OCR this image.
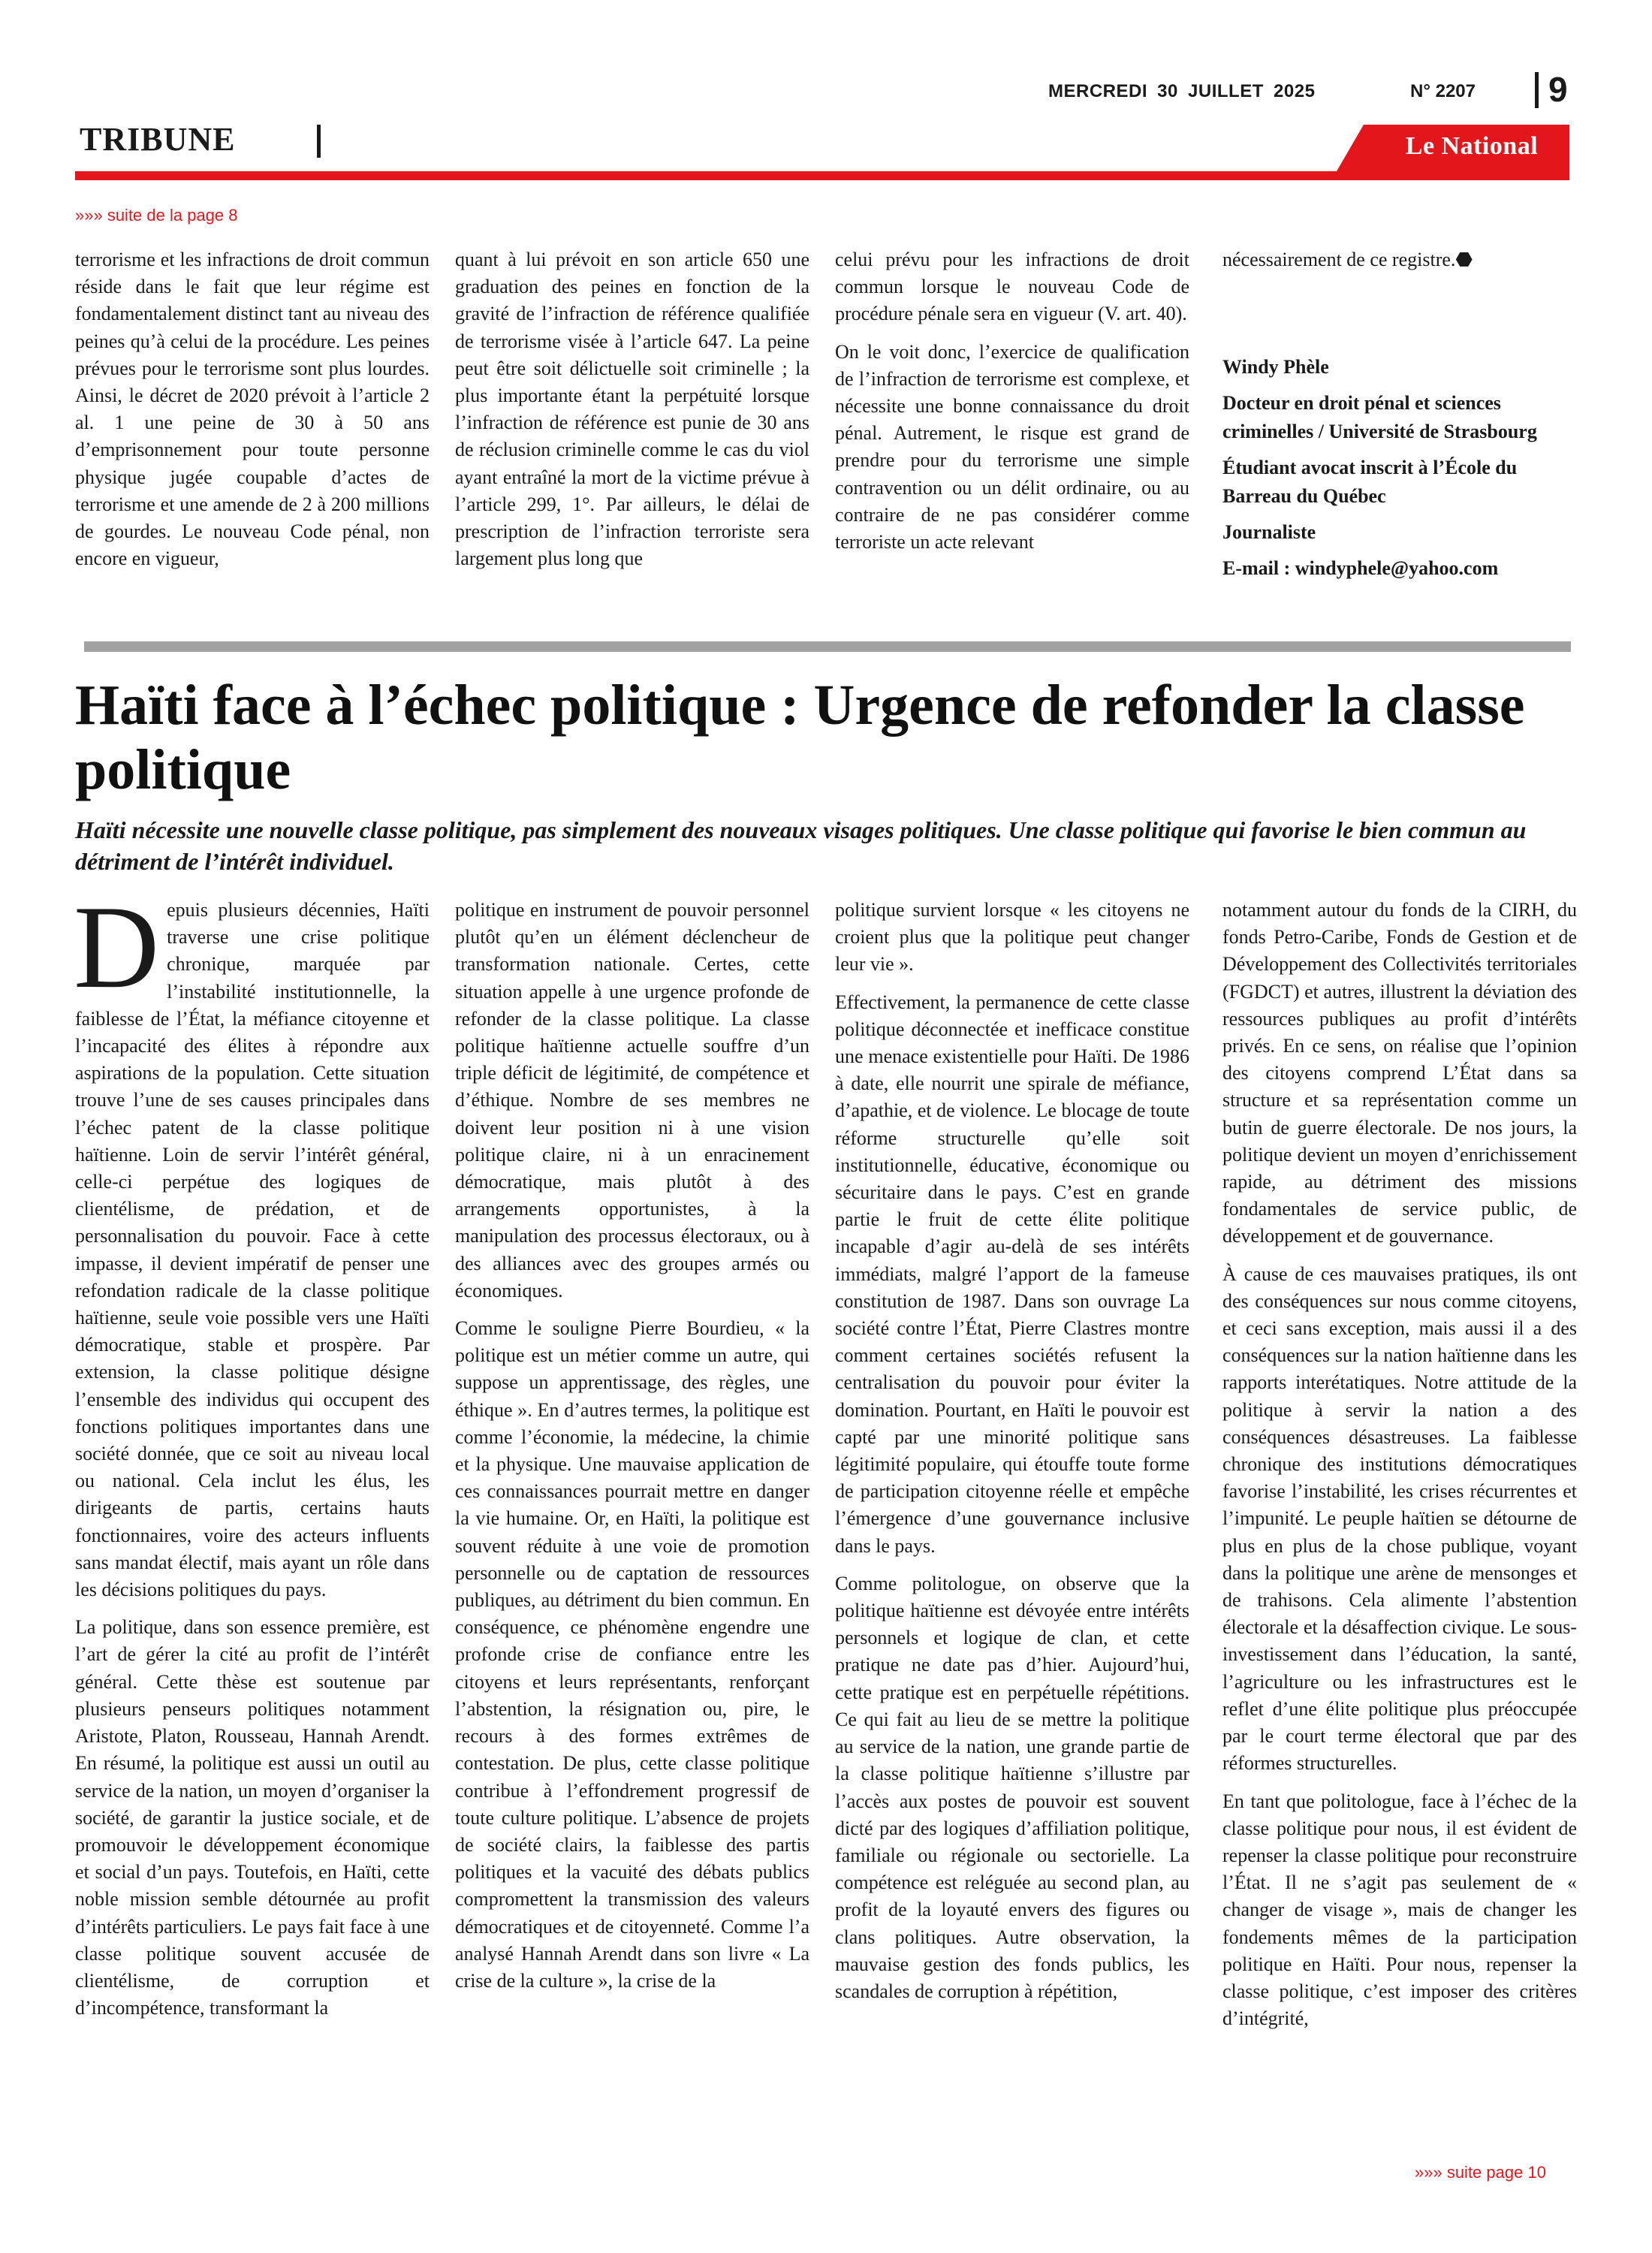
MERCREDI 30 JUILLET 2025	N° 2207 9
TRIBUNE	Le National
»»» suite de la page 8

terrorisme et les infractions de droit commun réside dans le fait que leur régime est fondamentalement distinct tant au niveau des peines qu’à celui de la procédure. Les peines prévues pour le terrorisme sont plus lourdes. Ainsi, le décret de 2020 prévoit à l’article 2 al. 1 une peine de 30 à 50 ans d’emprisonnement pour toute personne physique jugée coupable d’actes de terrorisme et une amende de 2 à 200 millions de gourdes. Le nouveau Code pénal, non encore en vigueur,

quant à lui prévoit en son article 650 une graduation des peines en fonction de la gravité de l’infraction de référence qualifiée de terrorisme visée à l’article 647. La peine peut être soit délictuelle soit criminelle ; la plus importante étant la perpétuité lorsque l’infraction de référence est punie de 30 ans de réclusion criminelle comme le cas du viol ayant entraîné la mort de la victime prévue à l’article 299, 1°. Par ailleurs, le délai de prescription de l’infraction terroriste sera largement plus long que

celui prévu pour les infractions de droit commun lorsque le nouveau Code de procédure pénale sera en vigueur (V. art. 40).

On le voit donc, l’exercice de qualification de l’infraction de terrorisme est complexe, et nécessite une bonne connaissance du droit pénal. Autrement, le risque est grand de prendre pour du terrorisme une simple contravention ou un délit ordinaire, ou au contraire de ne pas considérer comme terroriste un acte relevant

nécessairement de ce registre.⬣

Windy Phèle

Docteur en droit pénal et sciences criminelles / Université de Strasbourg

Étudiant avocat inscrit à l’École du Barreau du Québec

Journaliste

E-mail : windyphele@yahoo.com

Haïti face à l’échec politique : Urgence de refonder la classe politique
Haïti nécessite une nouvelle classe politique, pas simplement des nouveaux visages politiques. Une classe politique qui favorise le bien commun au détriment de l’intérêt individuel.

Depuis plusieurs décennies, Haïti traverse une crise politique chronique, marquée par l’instabilité institutionnelle, la faiblesse de l’État, la méfiance citoyenne et l’incapacité des élites à répondre aux aspirations de la population. Cette situation trouve l’une de ses causes principales dans l’échec patent de la classe politique haïtienne. Loin de servir l’intérêt général, celle-ci perpétue des logiques de clientélisme, de prédation, et de personnalisation du pouvoir. Face à cette impasse, il devient impératif de penser une refondation radicale de la classe politique haïtienne, seule voie possible vers une Haïti démocratique, stable et prospère. Par extension, la classe politique désigne l’ensemble des individus qui occupent des fonctions politiques importantes dans une société donnée, que ce soit au niveau local ou national. Cela inclut les élus, les dirigeants de partis, certains hauts fonctionnaires, voire des acteurs influents sans mandat électif, mais ayant un rôle dans les décisions politiques du pays.

La politique, dans son essence première, est l’art de gérer la cité au profit de l’intérêt général. Cette thèse est soutenue par plusieurs penseurs politiques notamment Aristote, Platon, Rousseau, Hannah Arendt. En résumé, la politique est aussi un outil au service de la nation, un moyen d’organiser la société, de garantir la justice sociale, et de promouvoir le développement économique et social d’un pays. Toutefois, en Haïti, cette noble mission semble détournée au profit d’intérêts particuliers. Le pays fait face à une classe politique souvent accusée de clientélisme, de corruption et d’incompétence, transformant la

politique en instrument de pouvoir personnel plutôt qu’en un élément déclencheur de transformation nationale. Certes, cette situation appelle à une urgence profonde de refonder de la classe politique. La classe politique haïtienne actuelle souffre d’un triple déficit de légitimité, de compétence et d’éthique. Nombre de ses membres ne doivent leur position ni à une vision politique claire, ni à un enracinement démocratique, mais plutôt à des arrangements opportunistes, à la manipulation des processus électoraux, ou à des alliances avec des groupes armés ou économiques.

Comme le souligne Pierre Bourdieu, « la politique est un métier comme un autre, qui suppose un apprentissage, des règles, une éthique ». En d’autres termes, la politique est comme l’économie, la médecine, la chimie et la physique. Une mauvaise application de ces connaissances pourrait mettre en danger la vie humaine. Or, en Haïti, la politique est souvent réduite à une voie de promotion personnelle ou de captation de ressources publiques, au détriment du bien commun. En conséquence, ce phénomène engendre une profonde crise de confiance entre les citoyens et leurs représentants, renforçant l’abstention, la résignation ou, pire, le recours à des formes extrêmes de contestation. De plus, cette classe politique contribue à l’effondrement progressif de toute culture politique. L’absence de projets de société clairs, la faiblesse des partis politiques et la vacuité des débats publics compromettent la transmission des valeurs démocratiques et de citoyenneté. Comme l’a analysé Hannah Arendt dans son livre « La crise de la culture », la crise de la

politique survient lorsque « les citoyens ne croient plus que la politique peut changer leur vie ».

Effectivement, la permanence de cette classe politique déconnectée et inefficace constitue une menace existentielle pour Haïti. De 1986 à date, elle nourrit une spirale de méfiance, d’apathie, et de violence. Le blocage de toute réforme structurelle qu’elle soit institutionnelle, éducative, économique ou sécuritaire dans le pays. C’est en grande partie le fruit de cette élite politique incapable d’agir au-delà de ses intérêts immédiats, malgré l’apport de la fameuse constitution de 1987. Dans son ouvrage La société contre l’État, Pierre Clastres montre comment certaines sociétés refusent la centralisation du pouvoir pour éviter la domination. Pourtant, en Haïti le pouvoir est capté par une minorité politique sans légitimité populaire, qui étouffe toute forme de participation citoyenne réelle et empêche l’émergence d’une gouvernance inclusive dans le pays.

Comme politologue, on observe que la politique haïtienne est dévoyée entre intérêts personnels et logique de clan, et cette pratique ne date pas d’hier. Aujourd’hui, cette pratique est en perpétuelle répétitions. Ce qui fait au lieu de se mettre la politique au service de la nation, une grande partie de la classe politique haïtienne s’illustre par l’accès aux postes de pouvoir est souvent dicté par des logiques d’affiliation politique, familiale ou régionale ou sectorielle. La compétence est reléguée au second plan, au profit de la loyauté envers des figures ou clans politiques. Autre observation, la mauvaise gestion des fonds publics, les scandales de corruption à répétition,

notamment autour du fonds de la CIRH, du fonds Petro-Caribe, Fonds de Gestion et de Développement des Collectivités territoriales (FGDCT) et autres, illustrent la déviation des ressources publiques au profit d’intérêts privés. En ce sens, on réalise que l’opinion des citoyens comprend L’État dans sa structure et sa représentation comme un butin de guerre électorale. De nos jours, la politique devient un moyen d’enrichissement rapide, au détriment des missions fondamentales de service public, de développement et de gouvernance.

À cause de ces mauvaises pratiques, ils ont des conséquences sur nous comme citoyens, et ceci sans exception, mais aussi il a des conséquences sur la nation haïtienne dans les rapports interétatiques. Notre attitude de la politique à servir la nation a des conséquences désastreuses. La faiblesse chronique des institutions démocratiques favorise l’instabilité, les crises récurrentes et l’impunité. Le peuple haïtien se détourne de plus en plus de la chose publique, voyant dans la politique une arène de mensonges et de trahisons. Cela alimente l’abstention électorale et la désaffection civique. Le sous-investissement dans l’éducation, la santé, l’agriculture ou les infrastructures est le reflet d’une élite politique plus préoccupée par le court terme électoral que par des réformes structurelles.

En tant que politologue, face à l’échec de la classe politique pour nous, il est évident de repenser la classe politique pour reconstruire l’État. Il ne s’agit pas seulement de « changer de visage », mais de changer les fondements mêmes de la participation politique en Haïti. Pour nous, repenser la classe politique, c’est imposer des critères d’intégrité,

»»» suite page 10
